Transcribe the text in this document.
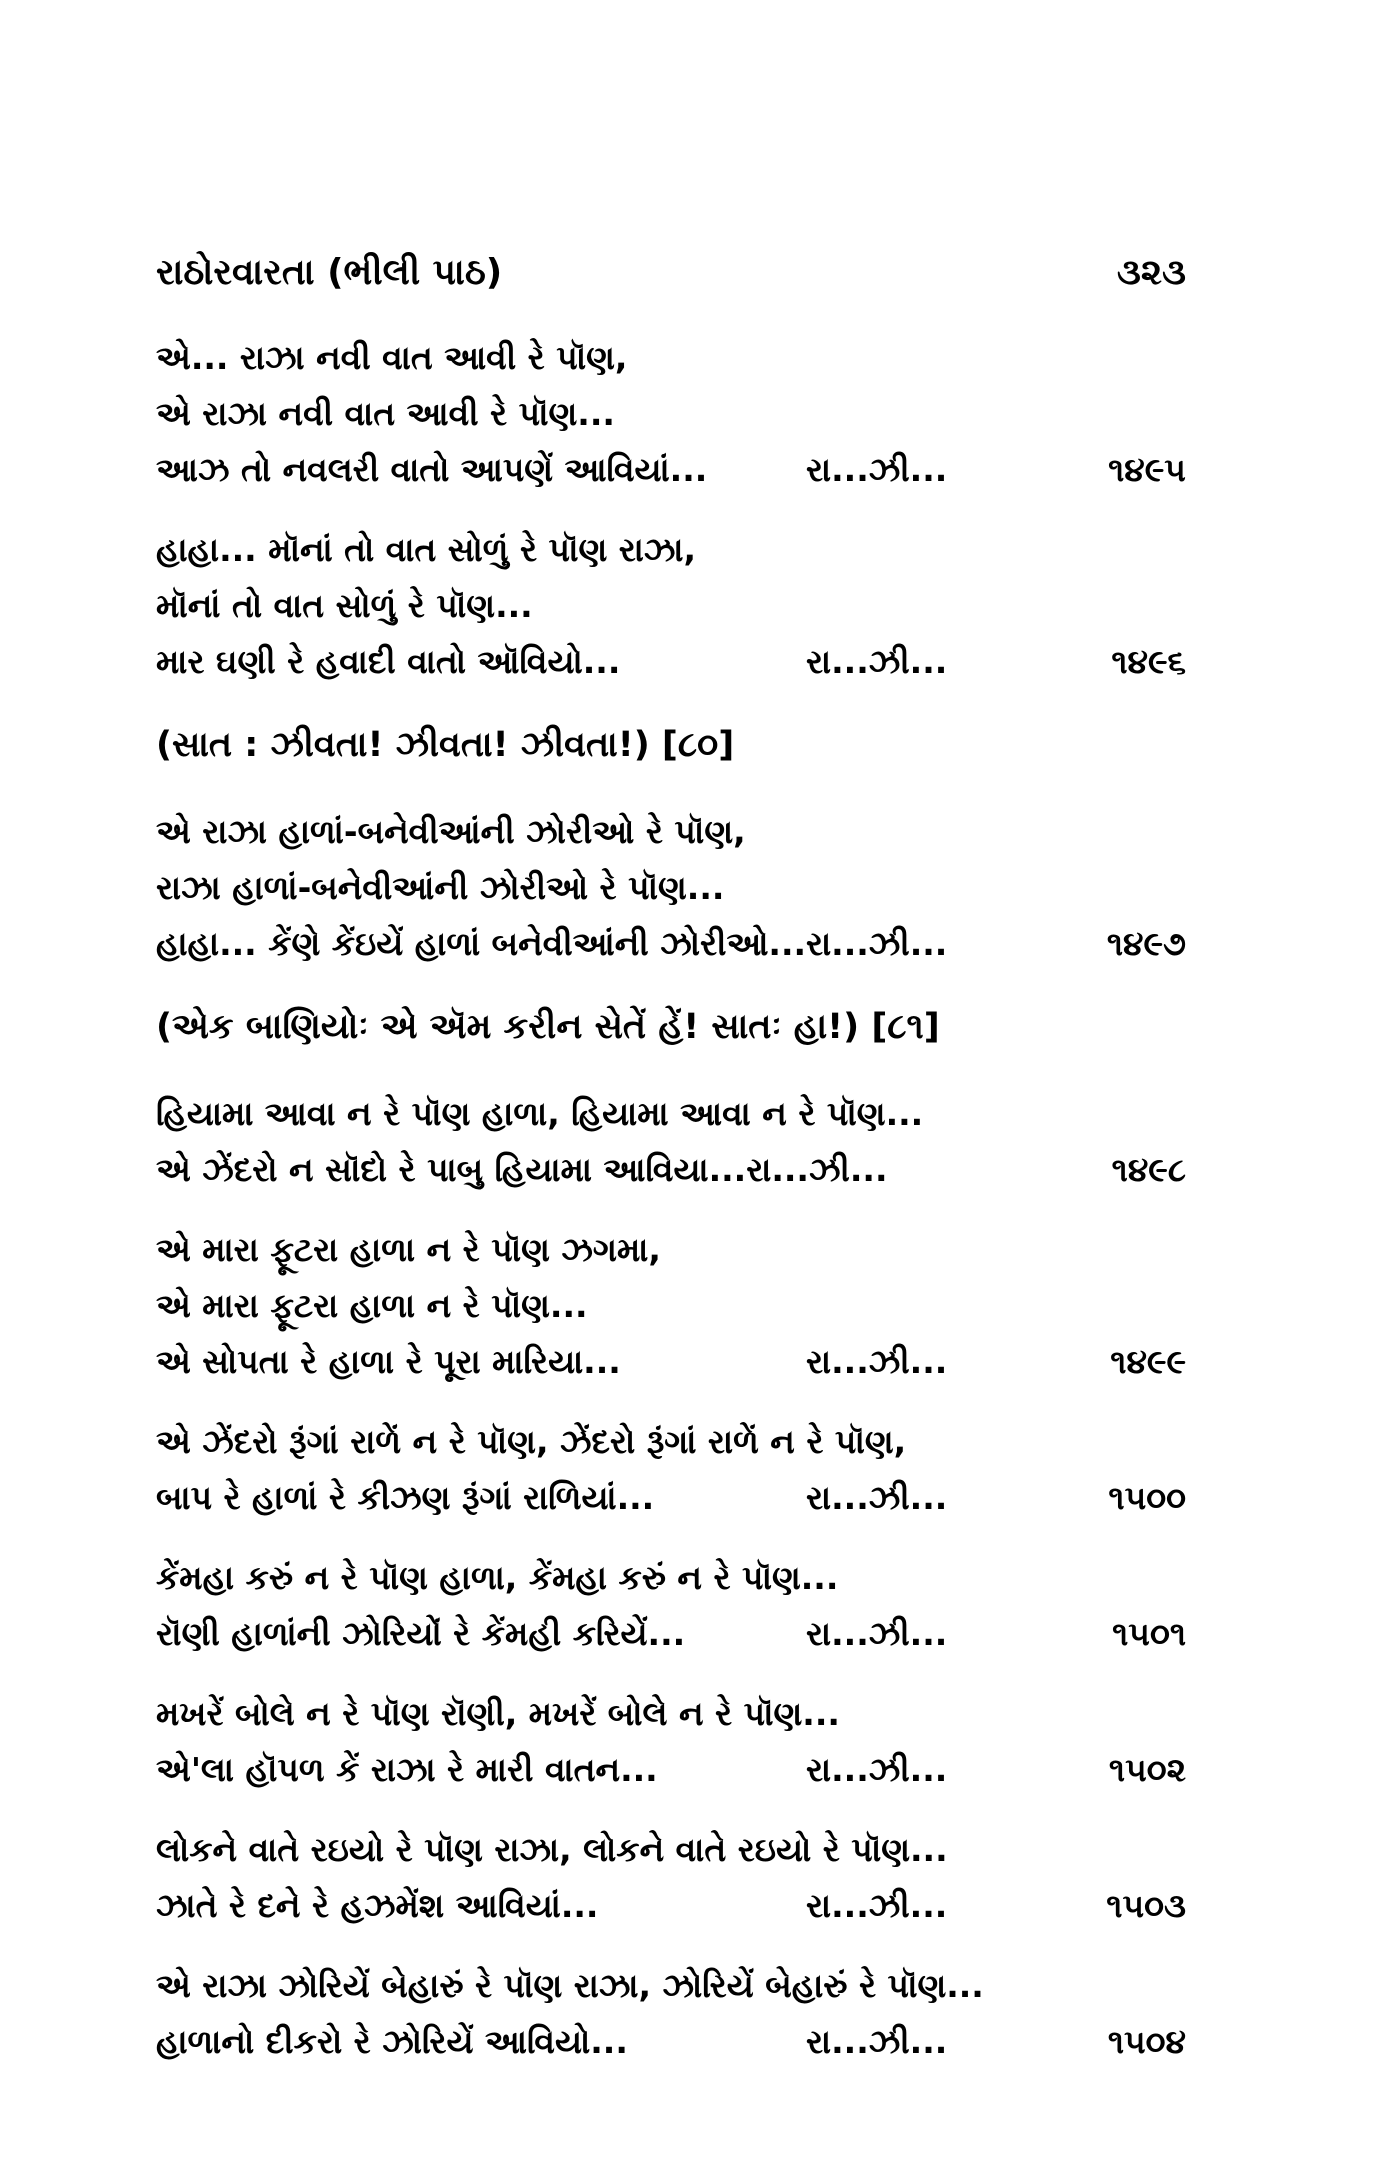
રાઠોરવારતા (ભીલી પાઠ)	૩૨૩
એ... રાઝા નવી વાત આવી રે પૉણ,
એ રાઝા નવી વાત આવી રે પૉણ...
આઝ તો નવલરી વાતો આપણેં આવિયાં...	રા...ઝી...	૧૪૯૫
હાહા... મૉનાં તો વાત સોળું રે પૉણ રાઝા,
મૉનાં તો વાત સોળું રે પૉણ...
માર ઘણી રે હવાદી વાતો ઑવિયો...	રા...ઝી...	૧૪૯૬
(સાત : ઝીવતા! ઝીવતા! ઝીવતા!) [૮૦]
એ રાઝા હાળાં-બનેવીઆંની ઝોરીઓ રે પૉણ,
રાઝા હાળાં-બનેવીઆંની ઝોરીઓ રે પૉણ...
હાહા... કેંણે કેંઇયેં હાળાં બનેવીઆંની ઝોરીઓ...રા...ઝી...	૧૪૯૭
(એક બાણિયોઃ એ ઍમ કરીન સેતેં હેં! સાતઃ હા!) [૮૧]
હિયામા આવા ન રે પૉણ હાળા, હિયામા આવા ન રે પૉણ...
એ ઝેંદરો ન સૉદો રે પાબુ હિયામા આવિયા...રા...ઝી...	૧૪૯૮
એ મારા ફૂટરા હાળા ન રે પૉણ ઝગમા,
એ મારા ફૂટરા હાળા ન રે પૉણ...
એ સોપતા રે હાળા રે પૂરા મારિયા...	રા...ઝી...	૧૪૯૯
એ ઝેંદરો રૂંગાં રાળેં ન રે પૉણ, ઝેંદરો રૂંગાં રાળેં ન રે પૉણ,
બાપ રે હાળાં રે કીઝણ રૂંગાં રાળિયાં...	રા...ઝી...	૧૫૦૦
કેંમહા કરું ન રે પૉણ હાળા, કેંમહા કરું ન રે પૉણ...
રૉણી હાળાંની ઝોરિયોં રે કેંમહી કરિયેં...	રા...ઝી...	૧૫૦૧
મખરેં બોલે ન રે પૉણ રૉણી, મખરેં બોલે ન રે પૉણ...
એ'લા હૉપળ કેં રાઝા રે મારી વાતન...	રા...ઝી...	૧૫૦૨
લોકને વાતે રઇયો રે પૉણ રાઝા, લોકને વાતે રઇયો રે પૉણ...
ઝાતે રે દને રે હઝમેંશ આવિયાં...	રા...ઝી...	૧૫૦૩
એ રાઝા ઝોરિયેં બેહારું રે પૉણ રાઝા, ઝોરિયેં બેહારું રે પૉણ...
હાળાનો દીકરો રે ઝોરિયેં આવિયો...	રા...ઝી...	૧૫૦૪
